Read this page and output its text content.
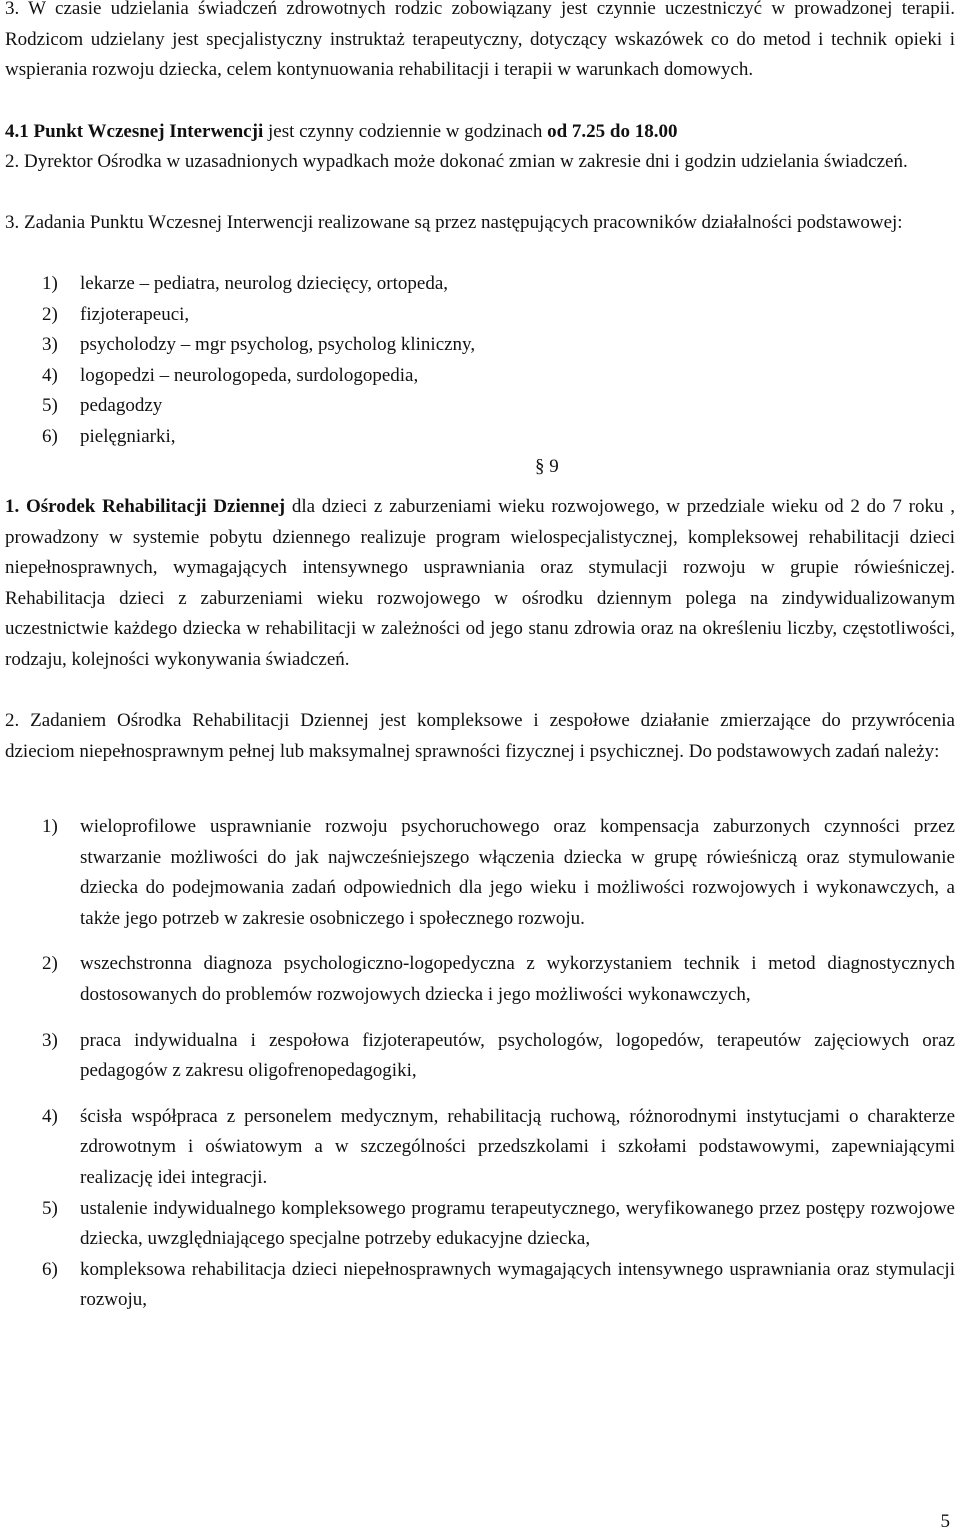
3. W czasie udzielania świadczeń zdrowotnych rodzic zobowiązany jest czynnie uczestniczyć w prowadzonej terapii. Rodzicom udzielany jest specjalistyczny instruktaż terapeutyczny, dotyczący wskazówek co do metod i technik opieki i wspierania rozwoju dziecka, celem kontynuowania rehabilitacji i terapii w warunkach domowych.

4.1 Punkt Wczesnej Interwencji jest czynny codziennie w godzinach od 7.25 do 18.00

2. Dyrektor Ośrodka w uzasadnionych wypadkach może dokonać zmian w zakresie dni i godzin udzielania świadczeń.

3. Zadania Punktu Wczesnej Interwencji realizowane są przez następujących pracowników działalności podstawowej:

1) lekarze – pediatra, neurolog dziecięcy, ortopeda,
2) fizjoterapeuci,
3) psycholodzy – mgr psycholog, psycholog kliniczny,
4) logopedzi – neurologopeda, surdologopedia,
5) pedagodzy
6) pielęgniarki,

§ 9

1. Ośrodek Rehabilitacji Dziennej dla dzieci z zaburzeniami wieku rozwojowego, w przedziale wieku od 2 do 7 roku , prowadzony w systemie pobytu dziennego realizuje program wielospecjalistycznej, kompleksowej rehabilitacji dzieci niepełnosprawnych, wymagających intensywnego usprawniania oraz stymulacji rozwoju w grupie rówieśniczej. Rehabilitacja dzieci z zaburzeniami wieku rozwojowego w ośrodku dziennym polega na zindywidualizowanym uczestnictwie każdego dziecka w rehabilitacji w zależności od jego stanu zdrowia oraz na określeniu liczby, częstotliwości, rodzaju, kolejności wykonywania świadczeń.

2. Zadaniem Ośrodka Rehabilitacji Dziennej jest kompleksowe i zespołowe działanie zmierzające do przywrócenia dzieciom niepełnosprawnym pełnej lub maksymalnej sprawności fizycznej i psychicznej. Do podstawowych zadań należy:

1) wieloprofilowe usprawnianie rozwoju psychoruchowego oraz kompensacja zaburzonych czynności przez stwarzanie możliwości do jak najwcześniejszego włączenia dziecka w grupę rówieśniczą oraz stymulowanie dziecka do podejmowania zadań odpowiednich dla jego wieku i możliwości rozwojowych i wykonawczych, a także jego potrzeb w zakresie osobniczego i społecznego rozwoju.
2) wszechstronna diagnoza psychologiczno-logopedyczna z wykorzystaniem technik i metod diagnostycznych dostosowanych do problemów rozwojowych dziecka i jego możliwości wykonawczych,
3) praca indywidualna i zespołowa fizjoterapeutów, psychologów, logopedów, terapeutów zajęciowych oraz pedagogów z zakresu oligofrenopedagogiki,
4) ścisła współpraca z personelem medycznym, rehabilitacją ruchową, różnorodnymi instytucjami o charakterze zdrowotnym i oświatowym a w szczególności przedszkolami i szkołami podstawowymi, zapewniającymi realizację idei integracji.
5) ustalenie indywidualnego kompleksowego programu terapeutycznego, weryfikowanego przez postępy rozwojowe dziecka, uwzględniającego specjalne potrzeby edukacyjne dziecka,
6) kompleksowa rehabilitacja dzieci niepełnosprawnych wymagających intensywnego usprawniania oraz stymulacji rozwoju,

5
